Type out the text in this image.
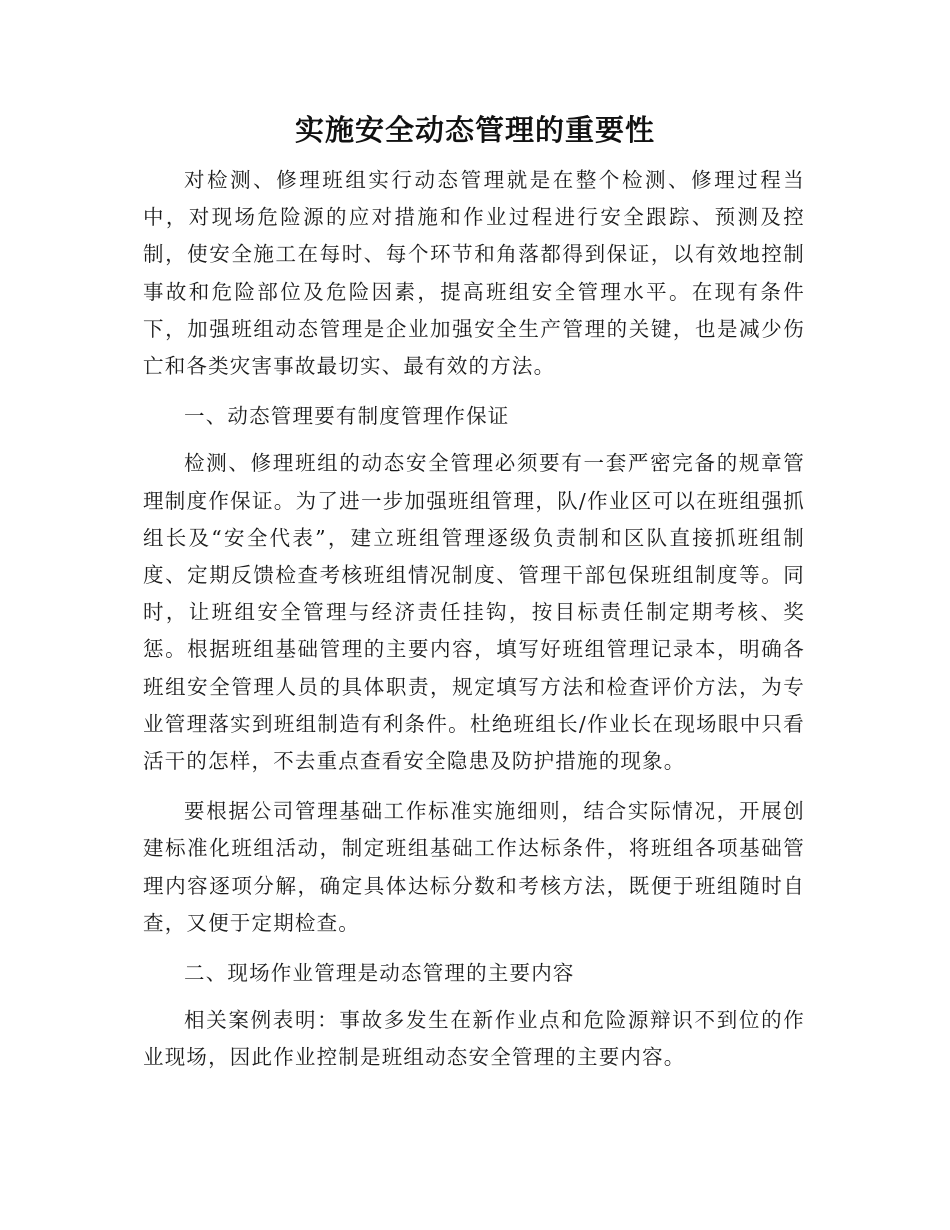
实施安全动态管理的重要性

对检测、修理班组实行动态管理就是在整个检测、修理过程当中，对现场危险源的应对措施和作业过程进行安全跟踪、预测及控制，使安全施工在每时、每个环节和角落都得到保证，以有效地控制事故和危险部位及危险因素，提高班组安全管理水平。在现有条件下，加强班组动态管理是企业加强安全生产管理的关键，也是减少伤亡和各类灾害事故最切实、最有效的方法。

一、动态管理要有制度管理作保证

检测、修理班组的动态安全管理必须要有一套严密完备的规章管理制度作保证。为了进一步加强班组管理，队/作业区可以在班组强抓组长及“安全代表”，建立班组管理逐级负责制和区队直接抓班组制度、定期反馈检查考核班组情况制度、管理干部包保班组制度等。同时，让班组安全管理与经济责任挂钩，按目标责任制定期考核、奖惩。根据班组基础管理的主要内容，填写好班组管理记录本，明确各班组安全管理人员的具体职责，规定填写方法和检查评价方法，为专业管理落实到班组制造有利条件。杜绝班组长/作业长在现场眼中只看活干的怎样，不去重点查看安全隐患及防护措施的现象。

要根据公司管理基础工作标准实施细则，结合实际情况，开展创建标准化班组活动，制定班组基础工作达标条件，将班组各项基础管理内容逐项分解，确定具体达标分数和考核方法，既便于班组随时自查，又便于定期检查。

二、现场作业管理是动态管理的主要内容

相关案例表明：事故多发生在新作业点和危险源辩识不到位的作业现场，因此作业控制是班组动态安全管理的主要内容。
